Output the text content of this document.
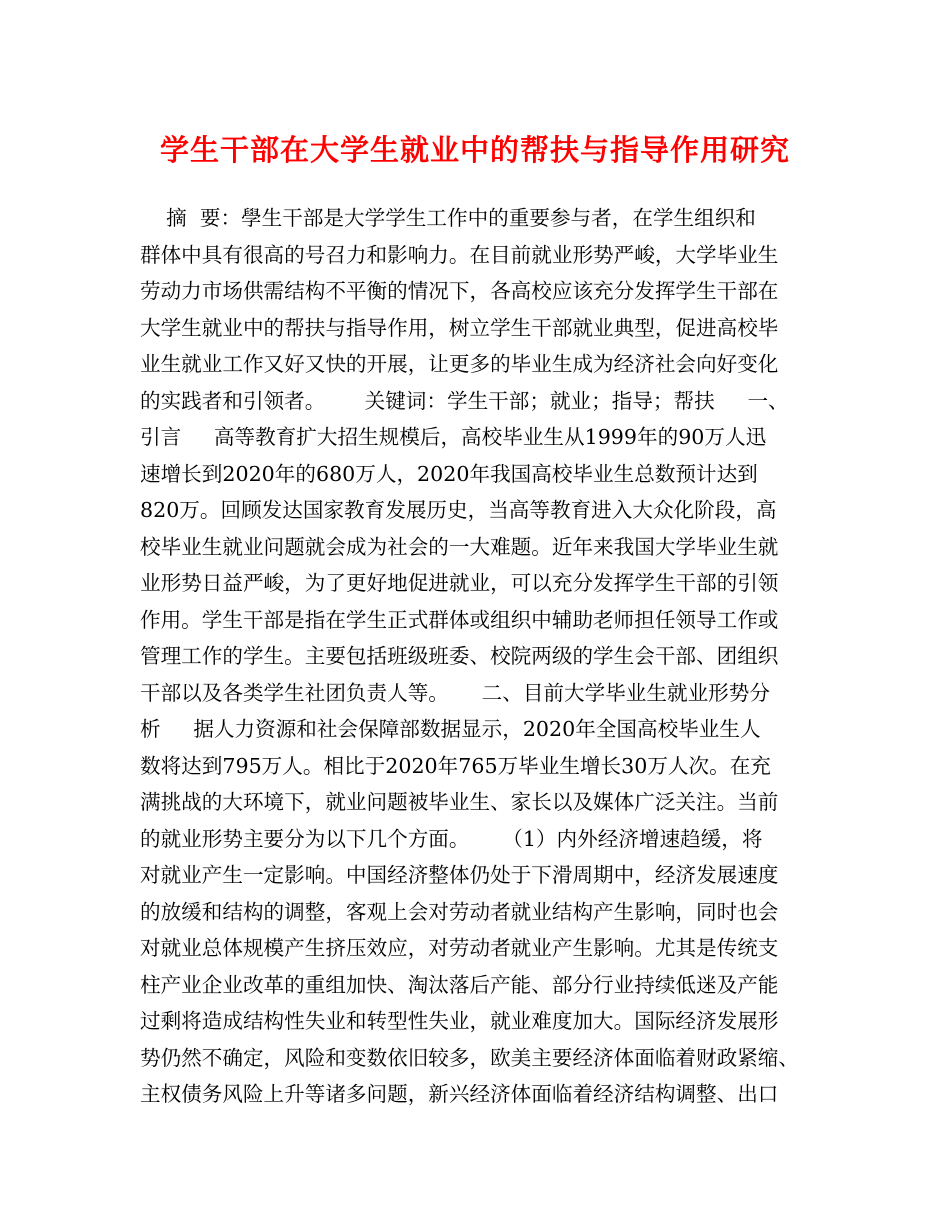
学生干部在大学生就业中的帮扶与指导作用研究
摘  要：學生干部是大学学生工作中的重要参与者，在学生组织和
群体中具有很高的号召力和影响力。在目前就业形势严峻，大学毕业生
劳动力市场供需结构不平衡的情况下，各高校应该充分发挥学生干部在
大学生就业中的帮扶与指导作用，树立学生干部就业典型，促进高校毕
业生就业工作又好又快的开展，让更多的毕业生成为经济社会向好变化
的实践者和引领者。      关键词：学生干部；就业；指导；帮扶     一、
引言     高等教育扩大招生规模后，高校毕业生从1999年的90万人迅
速增长到2020年的680万人，2020年我国高校毕业生总数预计达到
820万。回顾发达国家教育发展历史，当高等教育进入大众化阶段，高
校毕业生就业问题就会成为社会的一大难题。近年来我国大学毕业生就
业形势日益严峻，为了更好地促进就业，可以充分发挥学生干部的引领
作用。学生干部是指在学生正式群体或组织中辅助老师担任领导工作或
管理工作的学生。主要包括班级班委、校院两级的学生会干部、团组织
干部以及各类学生社团负责人等。     二、目前大学毕业生就业形势分
析     据人力资源和社会保障部数据显示，2020年全国高校毕业生人
数将达到795万人。相比于2020年765万毕业生增长30万人次。在充
满挑战的大环境下，就业问题被毕业生、家长以及媒体广泛关注。当前
的就业形势主要分为以下几个方面。     （1）内外经济增速趋缓，将
对就业产生一定影响。中国经济整体仍处于下滑周期中，经济发展速度
的放缓和结构的调整，客观上会对劳动者就业结构产生影响，同时也会
对就业总体规模产生挤压效应，对劳动者就业产生影响。尤其是传统支
柱产业企业改革的重组加快、淘汰落后产能、部分行业持续低迷及产能
过剩将造成结构性失业和转型性失业，就业难度加大。国际经济发展形
势仍然不确定，风险和变数依旧较多，欧美主要经济体面临着财政紧缩、
主权债务风险上升等诸多问题，新兴经济体面临着经济结构调整、出口
